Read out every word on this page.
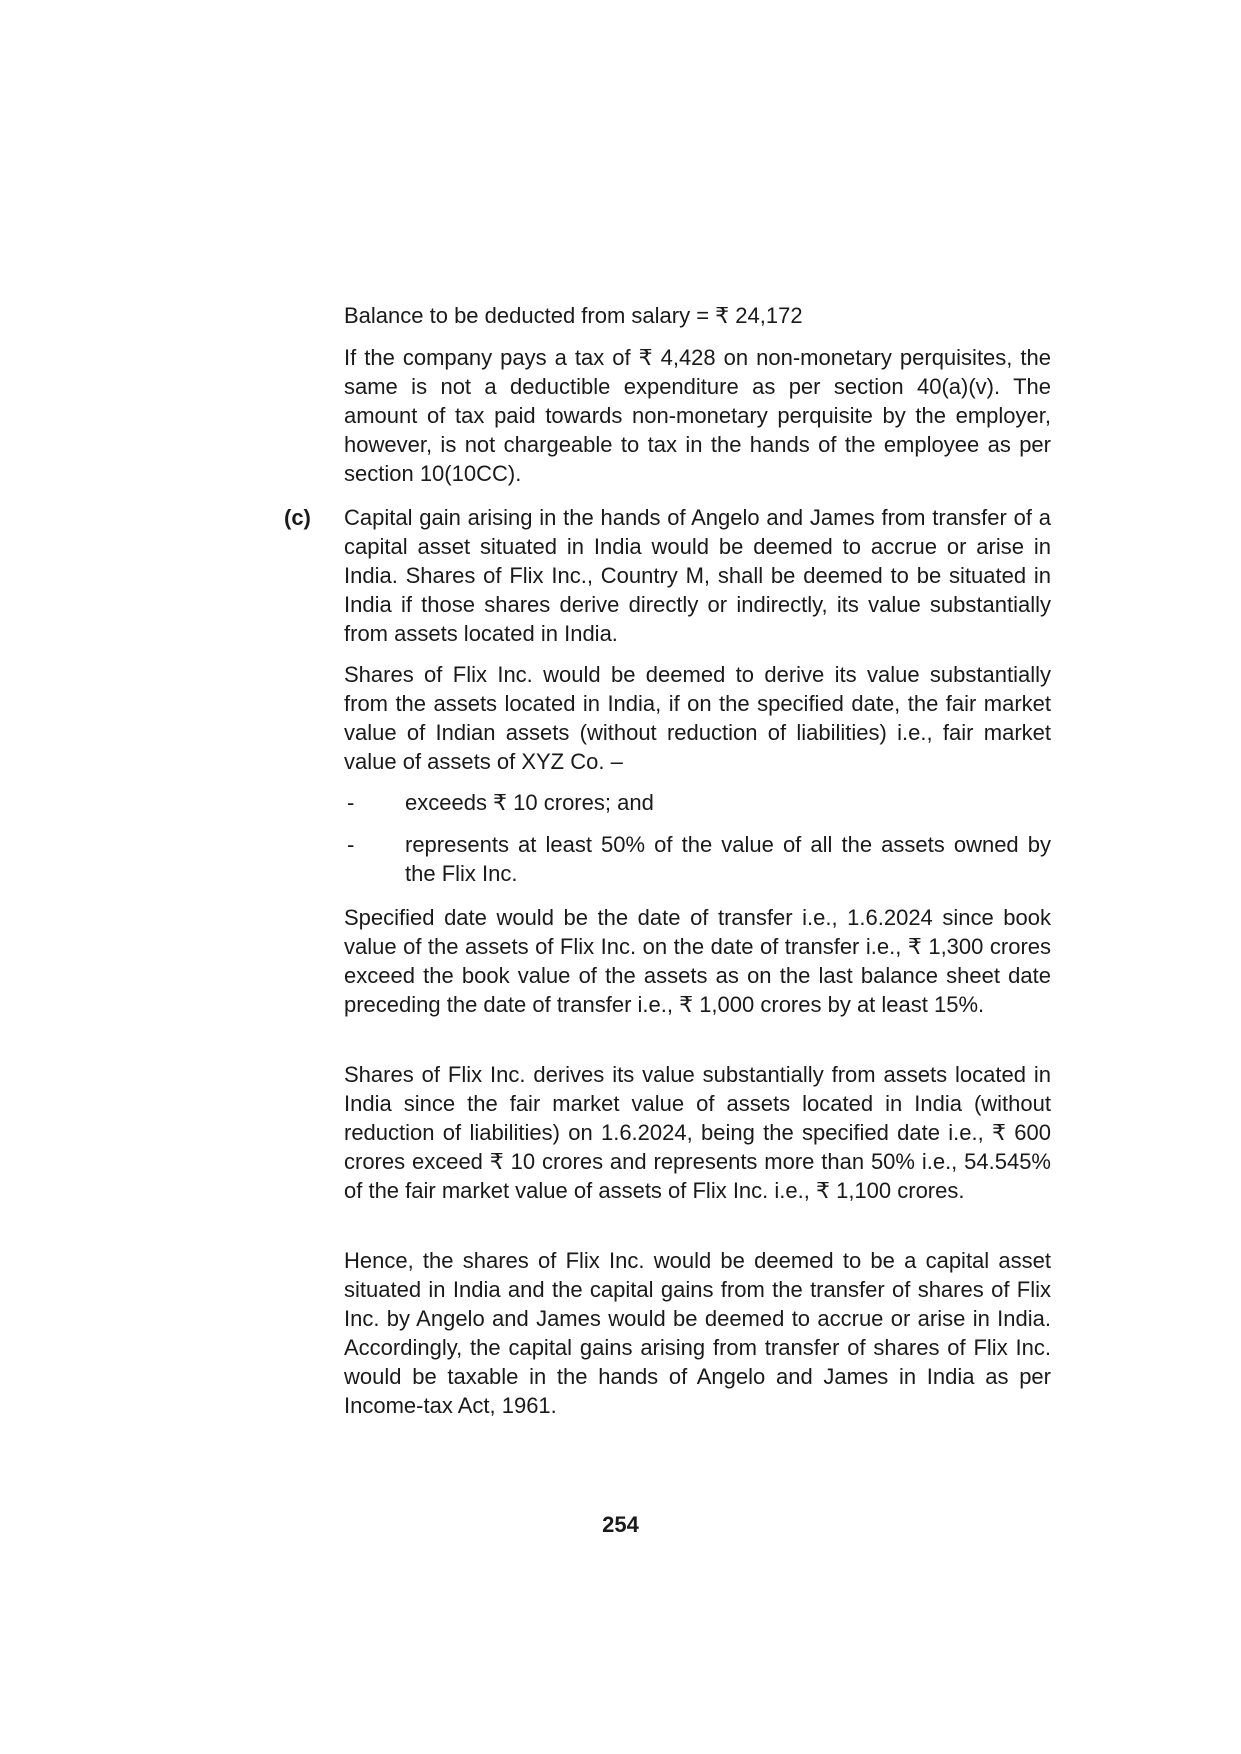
Balance to be deducted from salary = ₹ 24,172

If the company pays a tax of ₹ 4,428 on non-monetary perquisites, the same is not a deductible expenditure as per section 40(a)(v). The amount of tax paid towards non-monetary perquisite by the employer, however, is not chargeable to tax in the hands of the employee as per section 10(10CC).

(c) Capital gain arising in the hands of Angelo and James from transfer of a capital asset situated in India would be deemed to accrue or arise in India. Shares of Flix Inc., Country M, shall be deemed to be situated in India if those shares derive directly or indirectly, its value substantially from assets located in India.

Shares of Flix Inc. would be deemed to derive its value substantially from the assets located in India, if on the specified date, the fair market value of Indian assets (without reduction of liabilities) i.e., fair market value of assets of XYZ Co. –

- exceeds ₹ 10 crores; and

- represents at least 50% of the value of all the assets owned by the Flix Inc.

Specified date would be the date of transfer i.e., 1.6.2024 since book value of the assets of Flix Inc. on the date of transfer i.e., ₹ 1,300 crores exceed the book value of the assets as on the last balance sheet date preceding the date of transfer i.e., ₹ 1,000 crores by at least 15%.

Shares of Flix Inc. derives its value substantially from assets located in India since the fair market value of assets located in India (without reduction of liabilities) on 1.6.2024, being the specified date i.e., ₹ 600 crores exceed ₹ 10 crores and represents more than 50% i.e., 54.545% of the fair market value of assets of Flix Inc. i.e., ₹ 1,100 crores.

Hence, the shares of Flix Inc. would be deemed to be a capital asset situated in India and the capital gains from the transfer of shares of Flix Inc. by Angelo and James would be deemed to accrue or arise in India. Accordingly, the capital gains arising from transfer of shares of Flix Inc. would be taxable in the hands of Angelo and James in India as per Income-tax Act, 1961.

254
